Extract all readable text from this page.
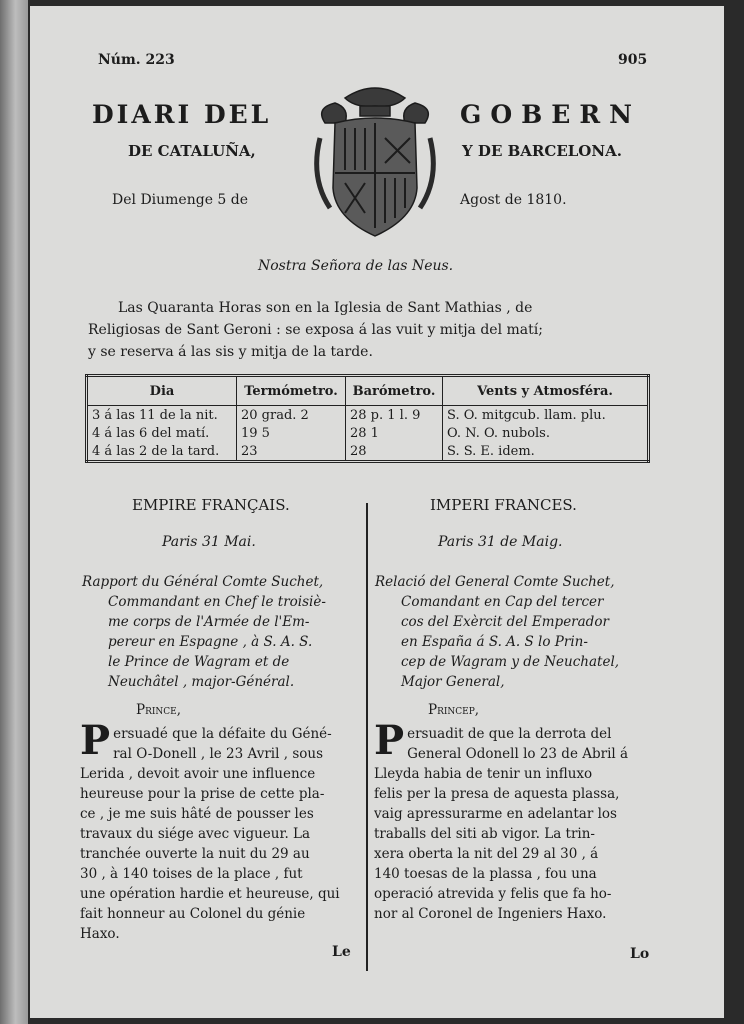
Núm. 223	905
DIARI DEL	GOBERN
DE CATALUÑA,	Y DE BARCELONA.
Del Diumenge 5 de	Agost de 1810.
Nostra Señora de las Neus.
Las Quaranta Horas son en la Iglesia de Sant Mathias , de
Religiosas de Sant Geroni : se exposa á las vuit y mitja del matí;
y se reserva á las sis y mitja de la tarde.
Dia	Termómetro.	Barómetro.	Vents y Atmosféra.
3 á las 11 de la nit.	20 grad. 2	28 p. 1 l. 9	S. O. mitgcub. llam. plu.
4 á las 6 del matí.	19 5	28 1	O. N. O. nubols.
4 á las 2 de la tard.	23	28	S. S. E. idem.
EMPIRE FRANÇAIS.
Paris 31 Mai.
Rapport du Général Comte Suchet,
Commandant en Chef le troisiè-
me corps de l'Armée de l'Em-
pereur en Espagne , à S. A. S.
le Prince de Wagram et de
Neuchâtel , major-Général.
Prince,
P ersuadé que la défaite du Géné-
ral O-Donell , le 23 Avril , sous
Lerida , devoit avoir une influence
heureuse pour la prise de cette pla-
ce , je me suis hâté de pousser les
travaux du siége avec vigueur. La
tranchée ouverte la nuit du 29 au
30 , à 140 toises de la place , fut
une opération hardie et heureuse, qui
fait honneur au Colonel du génie
Haxo.
Le
IMPERI FRANCES.
Paris 31 de Maig.
Relació del General Comte Suchet,
Comandant en Cap del tercer
cos del Exèrcit del Emperador
en España á S. A. S lo Prin-
cep de Wagram y de Neuchatel,
Major General,
Princep,
P ersuadit de que la derrota del
General Odonell lo 23 de Abril á
Lleyda habia de tenir un influxo
felis per la presa de aquesta plassa,
vaig apressurarme en adelantar los
traballs del siti ab vigor. La trin-
xera oberta la nit del 29 al 30 , á
140 toesas de la plassa , fou una
operació atrevida y felis que fa ho-
nor al Coronel de Ingeniers Haxo.
Lo
